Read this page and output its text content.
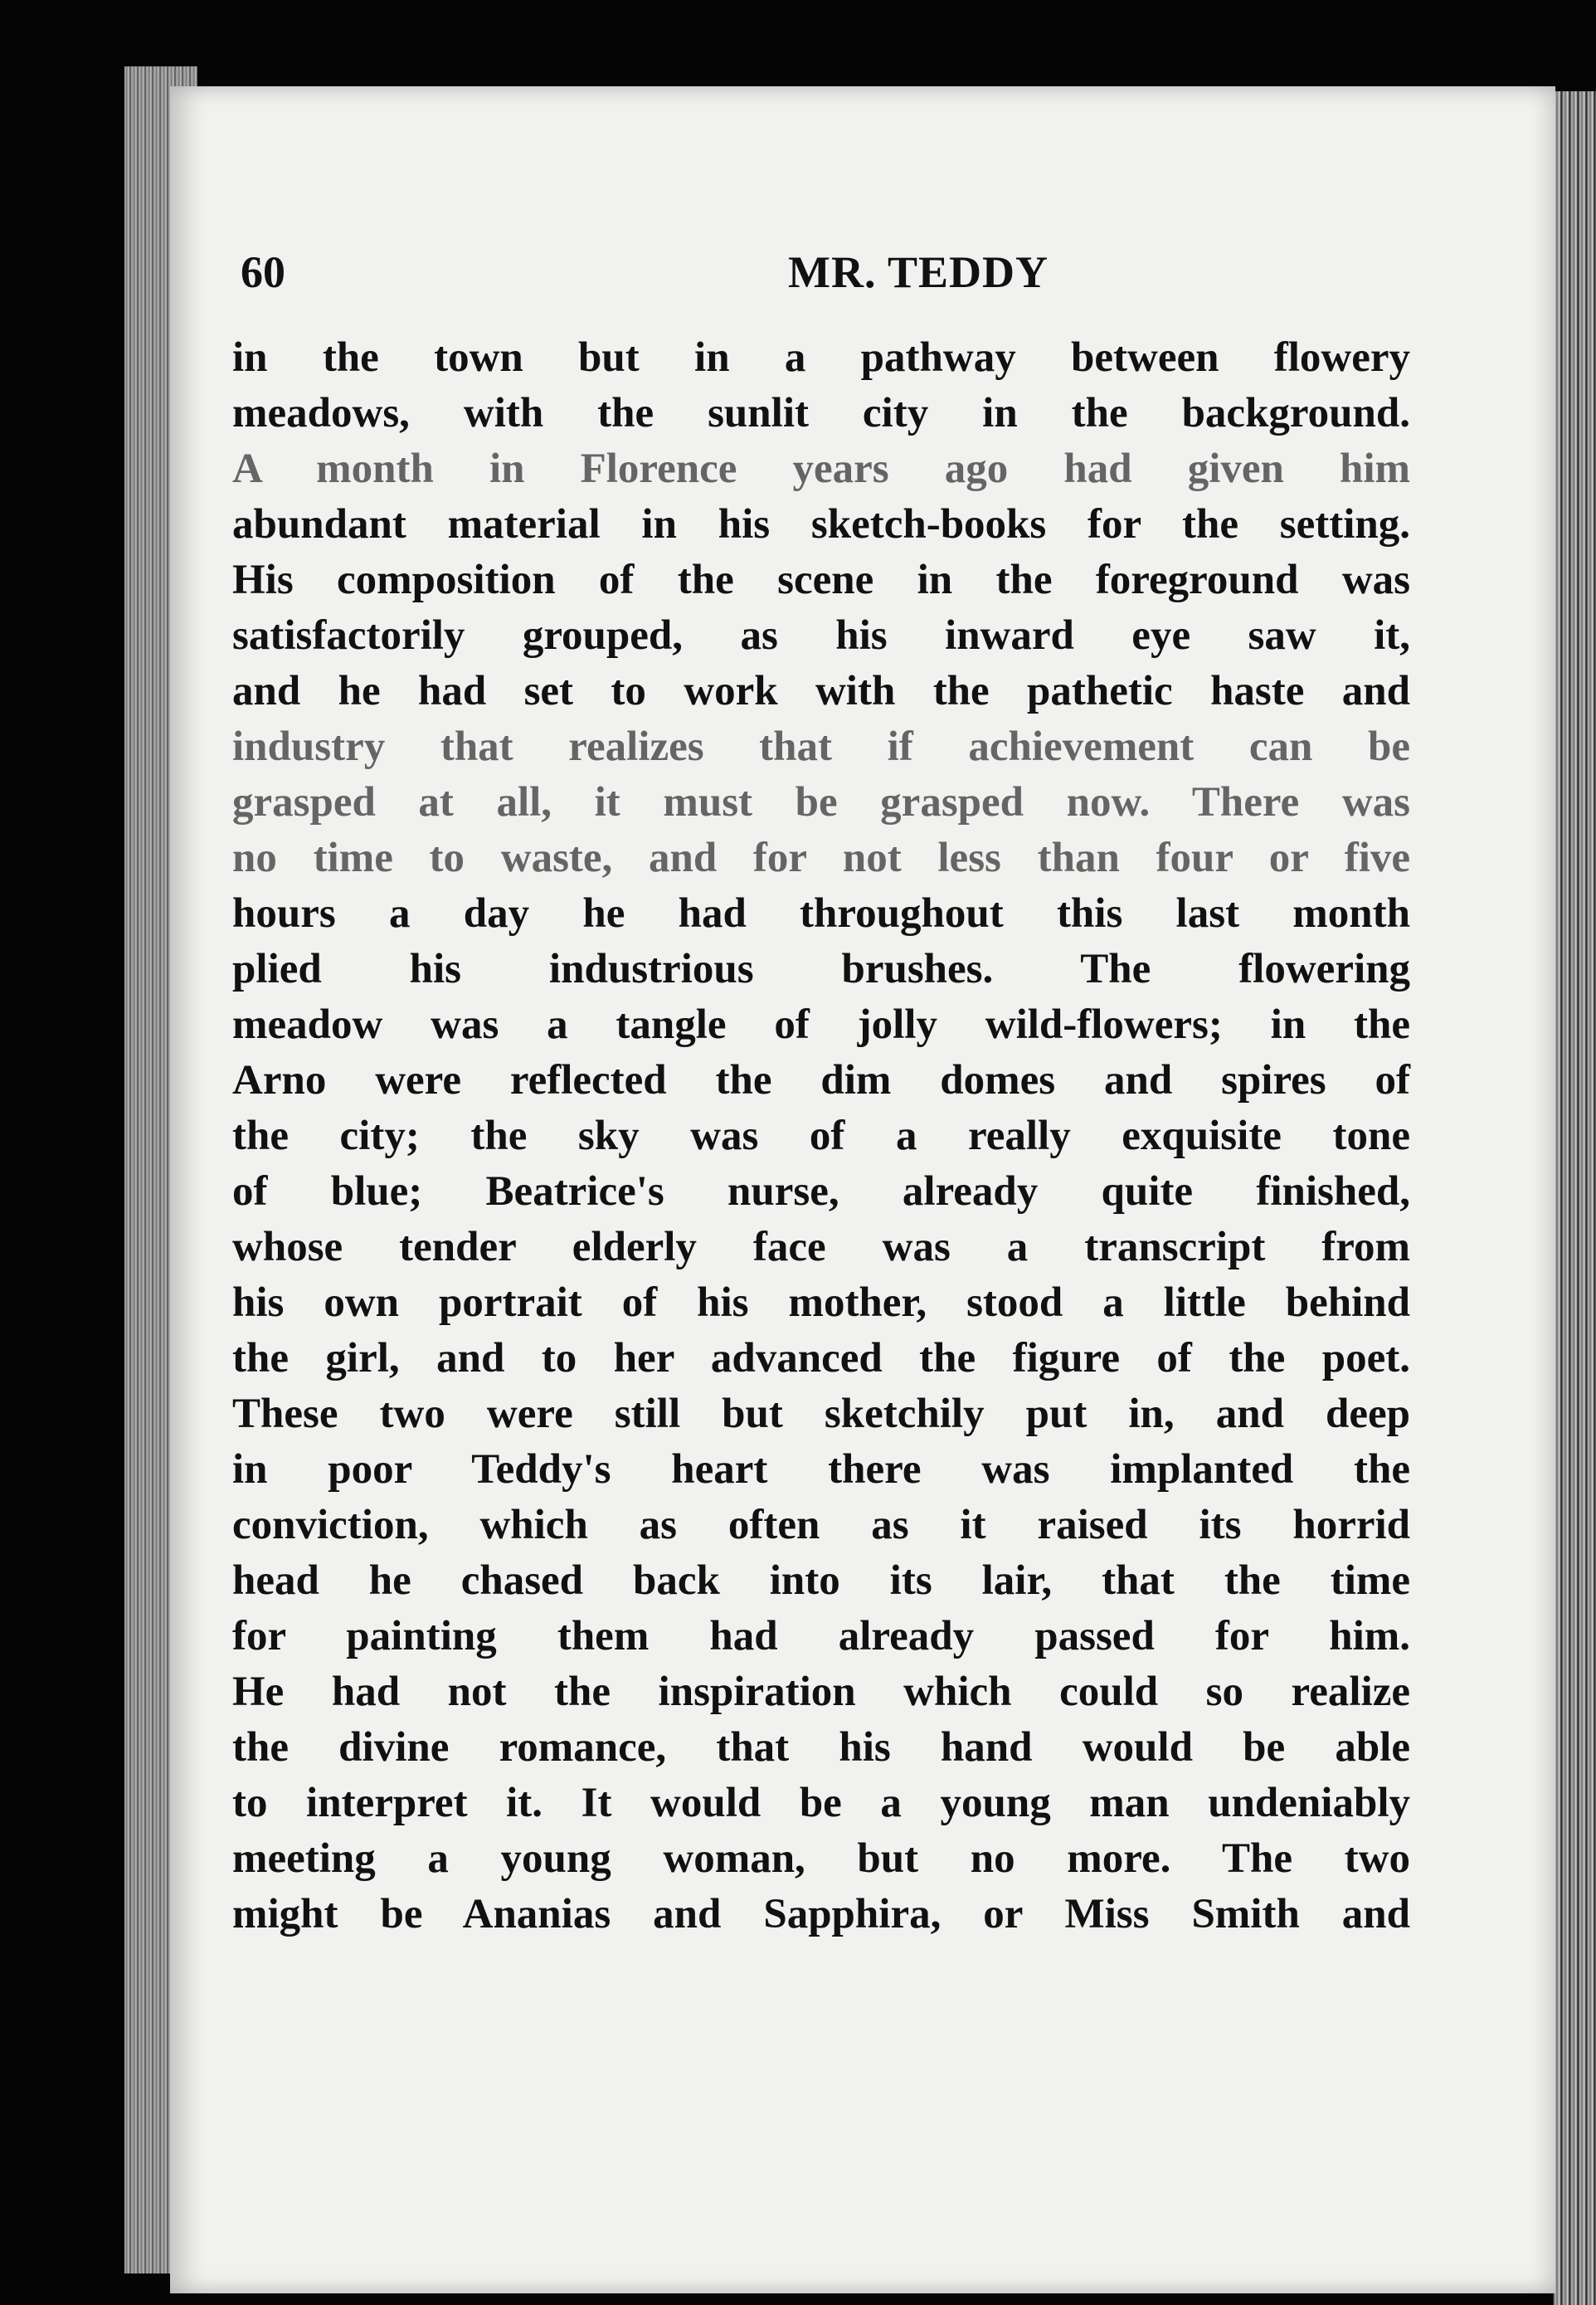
60	MR. TEDDY
in the town but in a pathway between flowery
meadows, with the sunlit city in the background.
A month in Florence years ago had given him
abundant material in his sketch-books for the setting.
His composition of the scene in the foreground was
satisfactorily grouped, as his inward eye saw it,
and he had set to work with the pathetic haste and
industry that realizes that if achievement can be
grasped at all, it must be grasped now. There was
no time to waste, and for not less than four or five
hours a day he had throughout this last month
plied his industrious brushes. The flowering
meadow was a tangle of jolly wild-flowers; in the
Arno were reflected the dim domes and spires of
the city; the sky was of a really exquisite tone
of blue; Beatrice's nurse, already quite finished,
whose tender elderly face was a transcript from
his own portrait of his mother, stood a little behind
the girl, and to her advanced the figure of the poet.
These two were still but sketchily put in, and deep
in poor Teddy's heart there was implanted the
conviction, which as often as it raised its horrid
head he chased back into its lair, that the time
for painting them had already passed for him.
He had not the inspiration which could so realize
the divine romance, that his hand would be able
to interpret it. It would be a young man undeniably
meeting a young woman, but no more. The two
might be Ananias and Sapphira, or Miss Smith and
